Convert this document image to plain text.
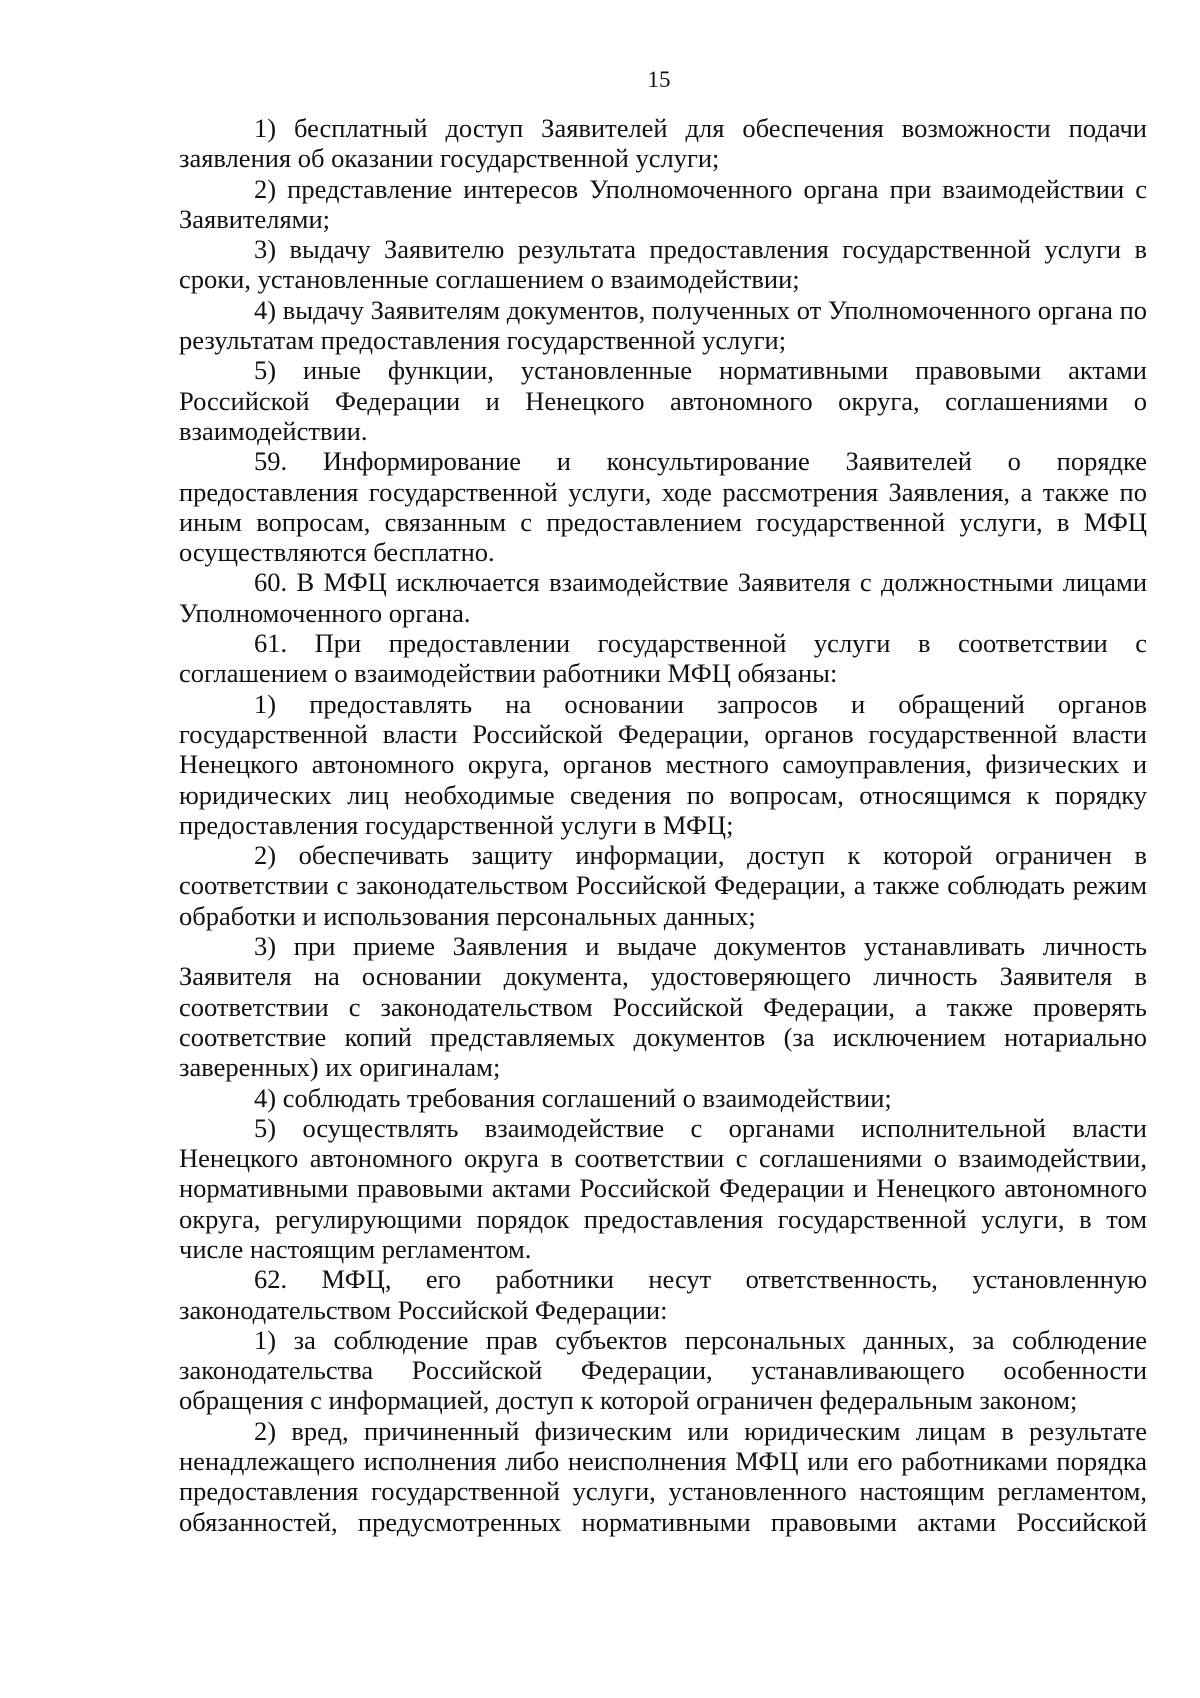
15

1) бесплатный доступ Заявителей для обеспечения возможности подачи заявления об оказании государственной услуги;

2) представление интересов Уполномоченного органа при взаимодействии с Заявителями;

3) выдачу Заявителю результата предоставления государственной услуги в сроки, установленные соглашением о взаимодействии;

4) выдачу Заявителям документов, полученных от Уполномоченного органа по результатам предоставления государственной услуги;

5) иные функции, установленные нормативными правовыми актами Российской Федерации и Ненецкого автономного округа, соглашениями о взаимодействии.

59. Информирование и консультирование Заявителей о порядке предоставления государственной услуги, ходе рассмотрения Заявления, а также по иным вопросам, связанным с предоставлением государственной услуги, в МФЦ осуществляются бесплатно.

60. В МФЦ исключается взаимодействие Заявителя с должностными лицами Уполномоченного органа.

61. При предоставлении государственной услуги в соответствии с соглашением о взаимодействии работники МФЦ обязаны:

1) предоставлять на основании запросов и обращений органов государственной власти Российской Федерации, органов государственной власти Ненецкого автономного округа, органов местного самоуправления, физических и юридических лиц необходимые сведения по вопросам, относящимся к порядку предоставления государственной услуги в МФЦ;

2) обеспечивать защиту информации, доступ к которой ограничен в соответствии с законодательством Российской Федерации, а также соблюдать режим обработки и использования персональных данных;

3) при приеме Заявления и выдаче документов устанавливать личность Заявителя на основании документа, удостоверяющего личность Заявителя в соответствии с законодательством Российской Федерации, а также проверять соответствие копий представляемых документов (за исключением нотариально заверенных) их оригиналам;

4) соблюдать требования соглашений о взаимодействии;

5) осуществлять взаимодействие с органами исполнительной власти Ненецкого автономного округа в соответствии с соглашениями о взаимодействии, нормативными правовыми актами Российской Федерации и Ненецкого автономного округа, регулирующими порядок предоставления государственной услуги, в том числе настоящим регламентом.

62. МФЦ, его работники несут ответственность, установленную законодательством Российской Федерации:

1) за соблюдение прав субъектов персональных данных, за соблюдение законодательства Российской Федерации, устанавливающего особенности обращения с информацией, доступ к которой ограничен федеральным законом;

2) вред, причиненный физическим или юридическим лицам в результате ненадлежащего исполнения либо неисполнения МФЦ или его работниками порядка предоставления государственной услуги, установленного настоящим регламентом, обязанностей, предусмотренных нормативными правовыми актами Российской
